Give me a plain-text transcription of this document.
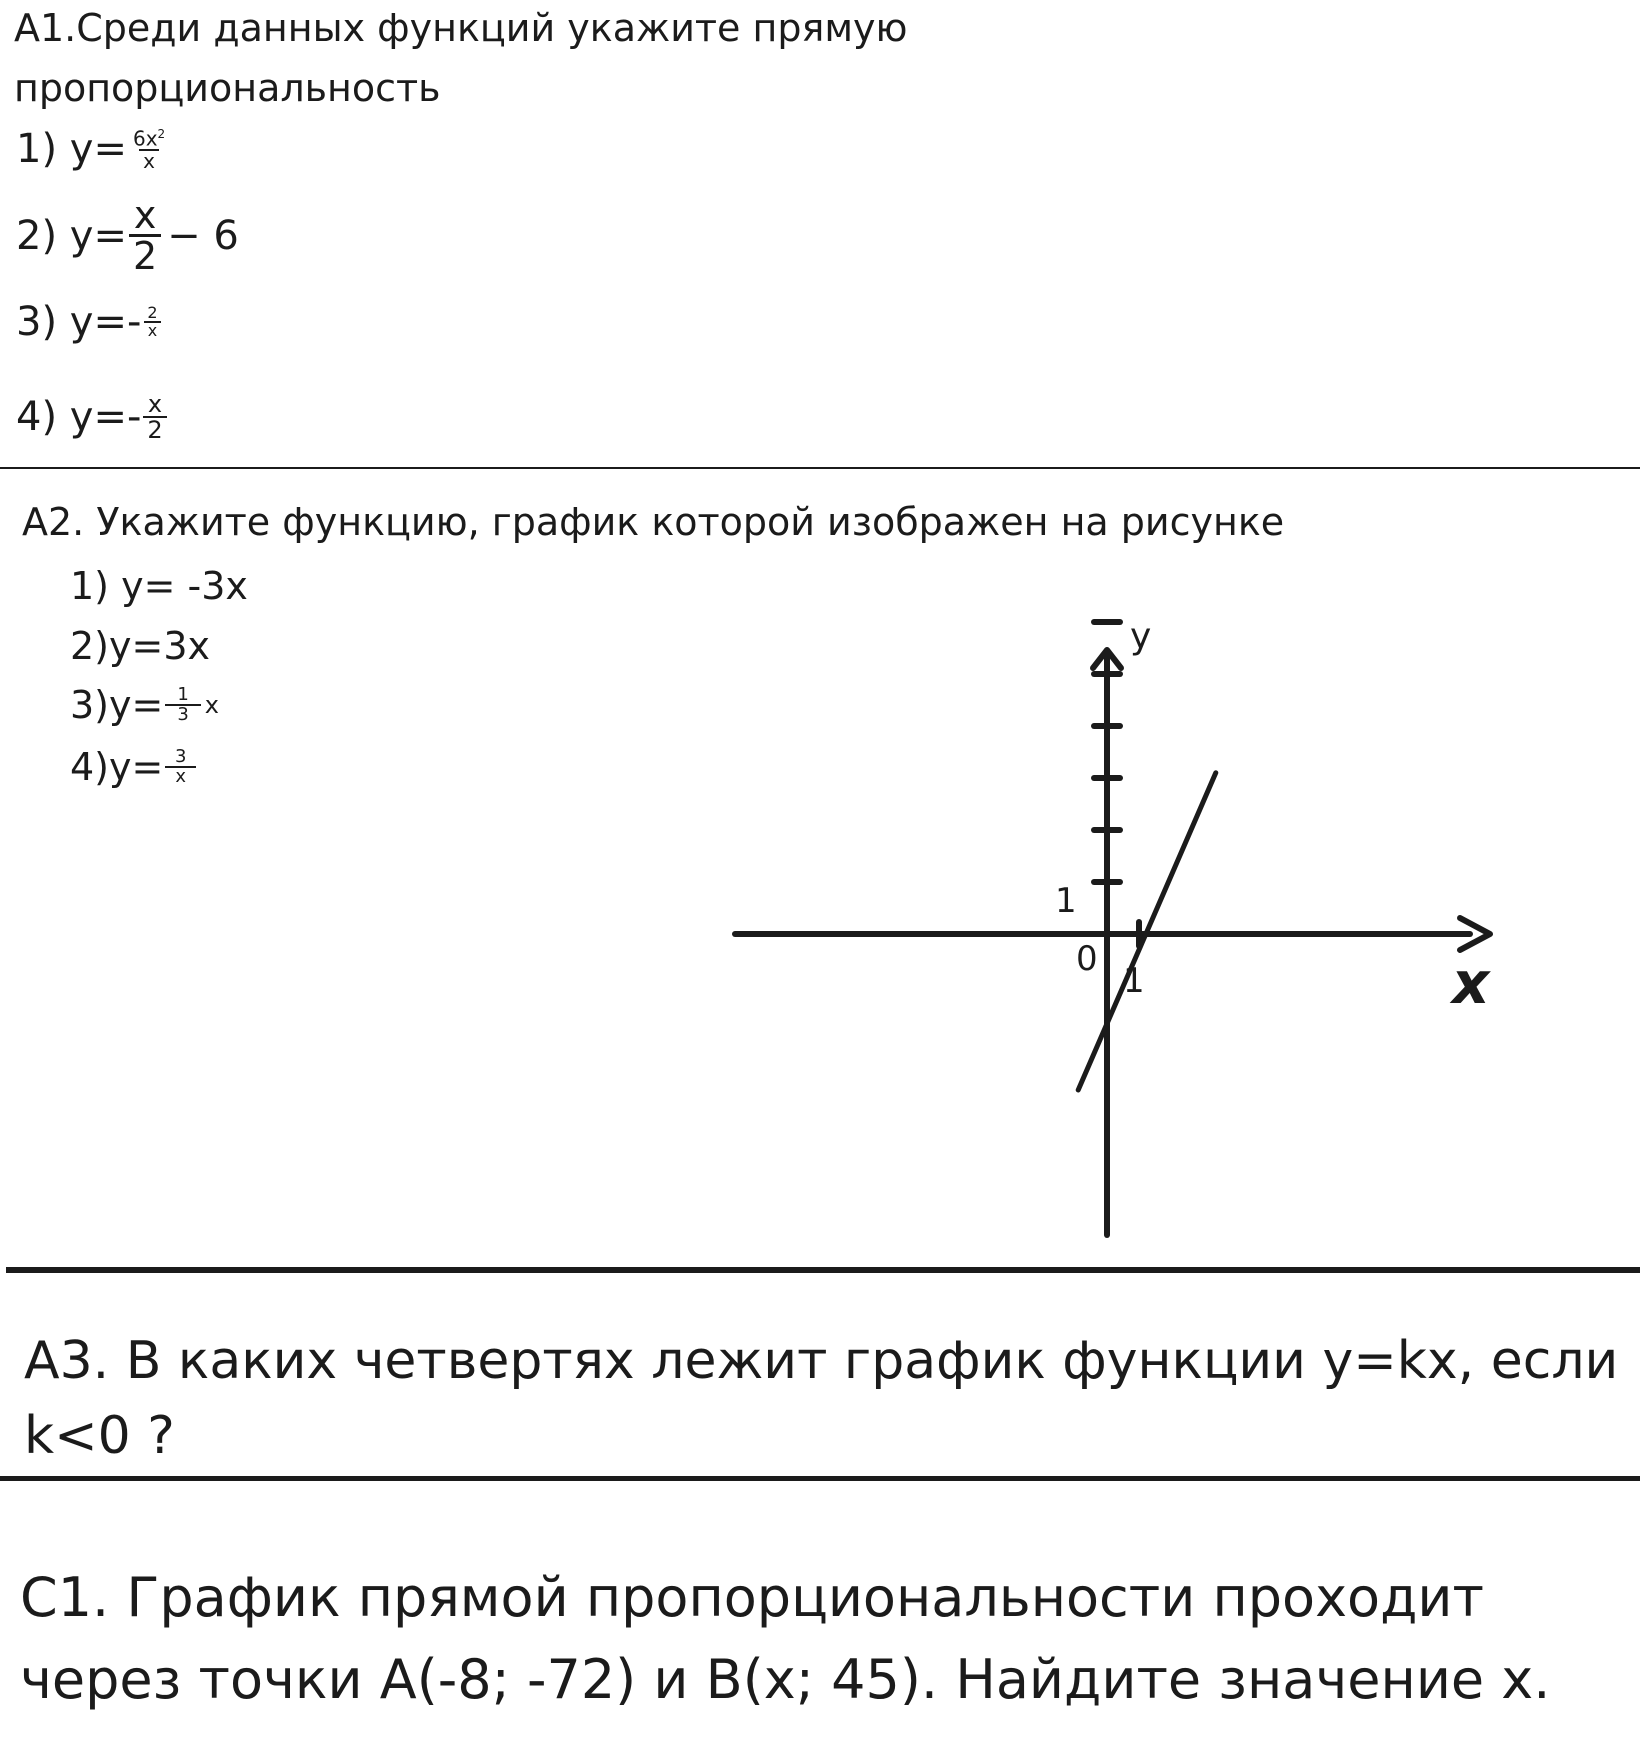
А1.Среди данных функций укажите прямую
пропорциональность
1) $y= \frac{6x^2}{x}$
2) $y= \frac{x}{2} - 6$
3) $y=- \frac{2}{x}$
4) $y=- \frac{x}{2}$
А2. Укажите функцию, график которой изображен на рисунке
1) y= -3x
2)y=3x
$3)y= \frac{1}{3}$ x
$4)y= \frac{3}{x}$
y
x
0
1
1
А3. В каких четвертях лежит график функции y=kx, если
k<0 ?
С1. График прямой пропорциональности проходит
через точки А(-8; -72) и В(x; 45). Найдите значение x.
